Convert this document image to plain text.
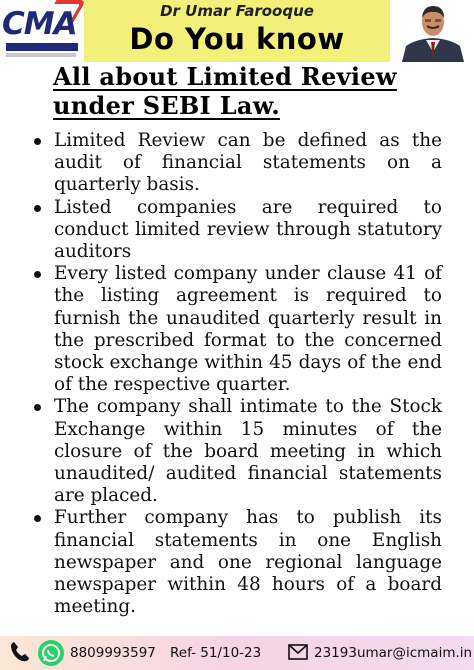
CMA	Dr Umar Farooque
Do You know
All about Limited Review
under SEBI Law.
Limited Review can be defined as the audit of financial statements on a quarterly basis.
Listed companies are required to conduct limited review through statutory auditors
Every listed company under clause 41 of the listing agreement is required to furnish the unaudited quarterly result in the prescribed format to the concerned stock exchange within 45 days of the end of the respective quarter.
The company shall intimate to the Stock Exchange within 15 minutes of the closure of the board meeting in which unaudited/ audited financial statements are placed.
Further company has to publish its financial statements in one English newspaper and one regional language newspaper within 48 hours of a board meeting.
8809993597 Ref- 51/10-23	23193umar@icmaim.in
